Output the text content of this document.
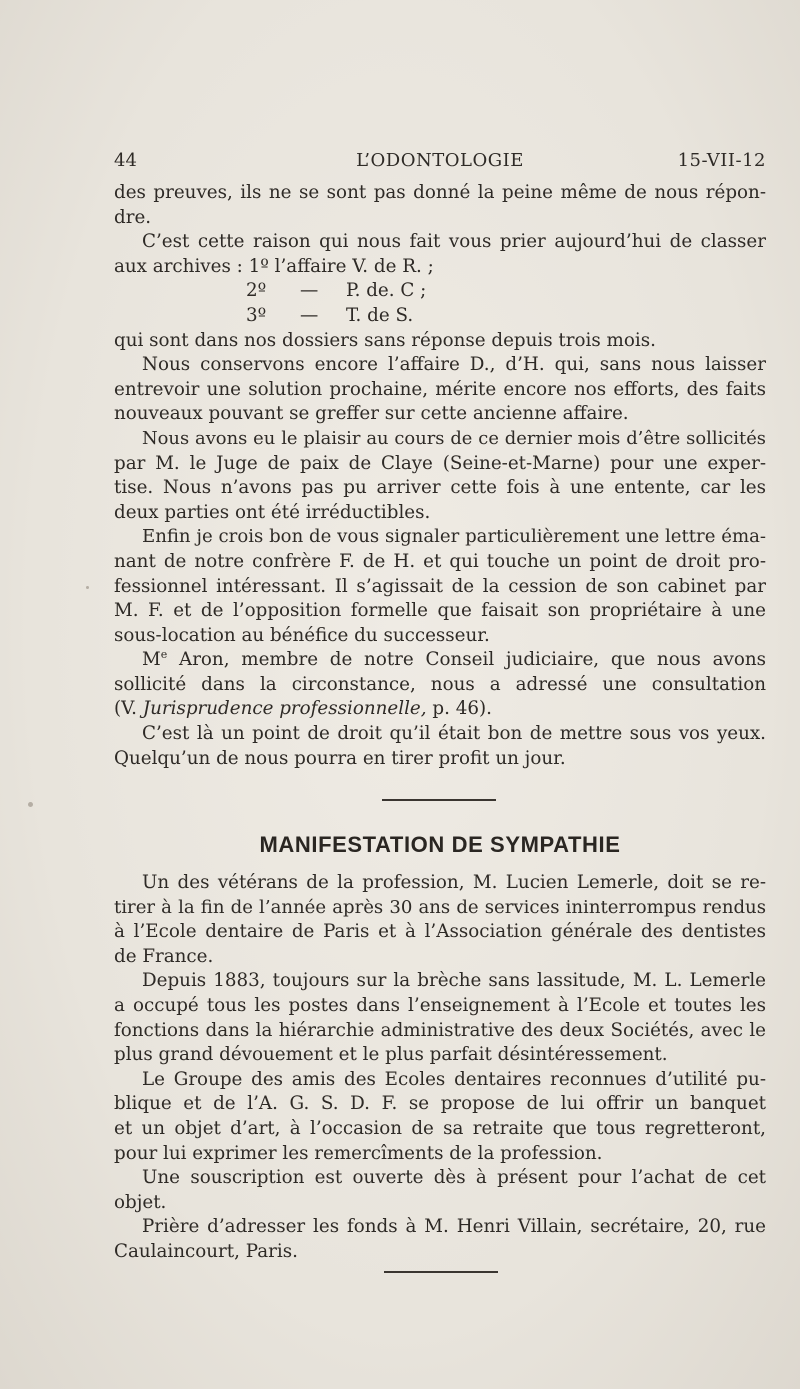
44	L’ODONTOLOGIE	15-VII-12
des preuves, ils ne se sont pas donné la peine même de nous répon-
dre.
C’est cette raison qui nous fait vous prier aujourd’hui de classer
aux archives : 1º l’affaire V. de R. ;
2º — P. de. C ;
3º — T. de S.
qui sont dans nos dossiers sans réponse depuis trois mois.
Nous conservons encore l’affaire D., d’H. qui, sans nous laisser
entrevoir une solution prochaine, mérite encore nos efforts, des faits
nouveaux pouvant se greffer sur cette ancienne affaire.
Nous avons eu le plaisir au cours de ce dernier mois d’être sollicités
par M. le Juge de paix de Claye (Seine-et-Marne) pour une exper-
tise. Nous n’avons pas pu arriver cette fois à une entente, car les
deux parties ont été irréductibles.
Enfin je crois bon de vous signaler particulièrement une lettre éma-
nant de notre confrère F. de H. et qui touche un point de droit pro-
fessionnel intéressant. Il s’agissait de la cession de son cabinet par
M. F. et de l’opposition formelle que faisait son propriétaire à une
sous-location au bénéfice du successeur.
Me Aron, membre de notre Conseil judiciaire, que nous avons
sollicité dans la circonstance, nous a adressé une consultation
(V. Jurisprudence professionnelle, p. 46).
C’est là un point de droit qu’il était bon de mettre sous vos yeux.
Quelqu’un de nous pourra en tirer profit un jour.
MANIFESTATION DE SYMPATHIE
Un des vétérans de la profession, M. Lucien Lemerle, doit se re-
tirer à la fin de l’année après 30 ans de services ininterrompus rendus
à l’Ecole dentaire de Paris et à l’Association générale des dentistes
de France.
Depuis 1883, toujours sur la brèche sans lassitude, M. L. Lemerle
a occupé tous les postes dans l’enseignement à l’Ecole et toutes les
fonctions dans la hiérarchie administrative des deux Sociétés, avec le
plus grand dévouement et le plus parfait désintéressement.
Le Groupe des amis des Ecoles dentaires reconnues d’utilité pu-
blique et de l’A. G. S. D. F. se propose de lui offrir un banquet
et un objet d’art, à l’occasion de sa retraite que tous regretteront,
pour lui exprimer les remercîments de la profession.
Une souscription est ouverte dès à présent pour l’achat de cet
objet.
Prière d’adresser les fonds à M. Henri Villain, secrétaire, 20, rue
Caulaincourt, Paris.
